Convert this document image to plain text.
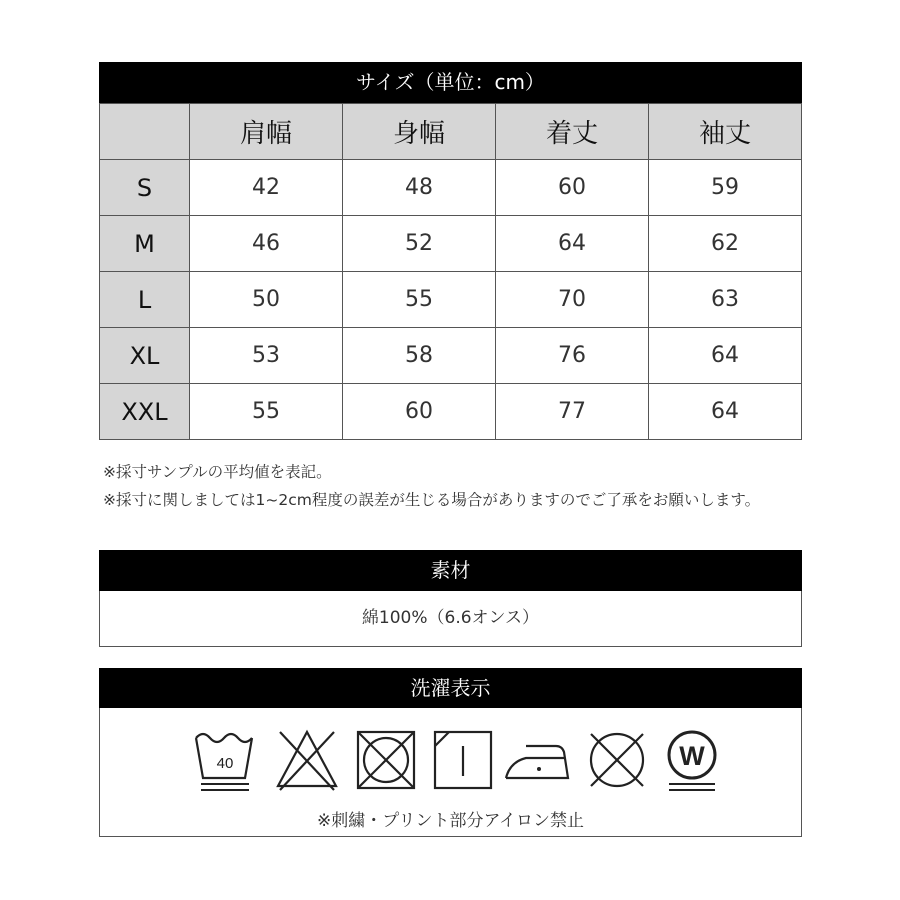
サイズ（単位：cm）
	肩幅	身幅	着丈	袖丈
S	42	48	60	59
M	46	52	64	62
L	50	55	70	63
XL	53	58	76	64
XXL	55	60	77	64
※採寸サンプルの平均値を表記。
※採寸に関しましては1~2cm程度の誤差が生じる場合がありますのでご了承をお願いします。
素材
綿100%（6.6オンス）
洗濯表示
40	W
※刺繍・プリント部分アイロン禁止
